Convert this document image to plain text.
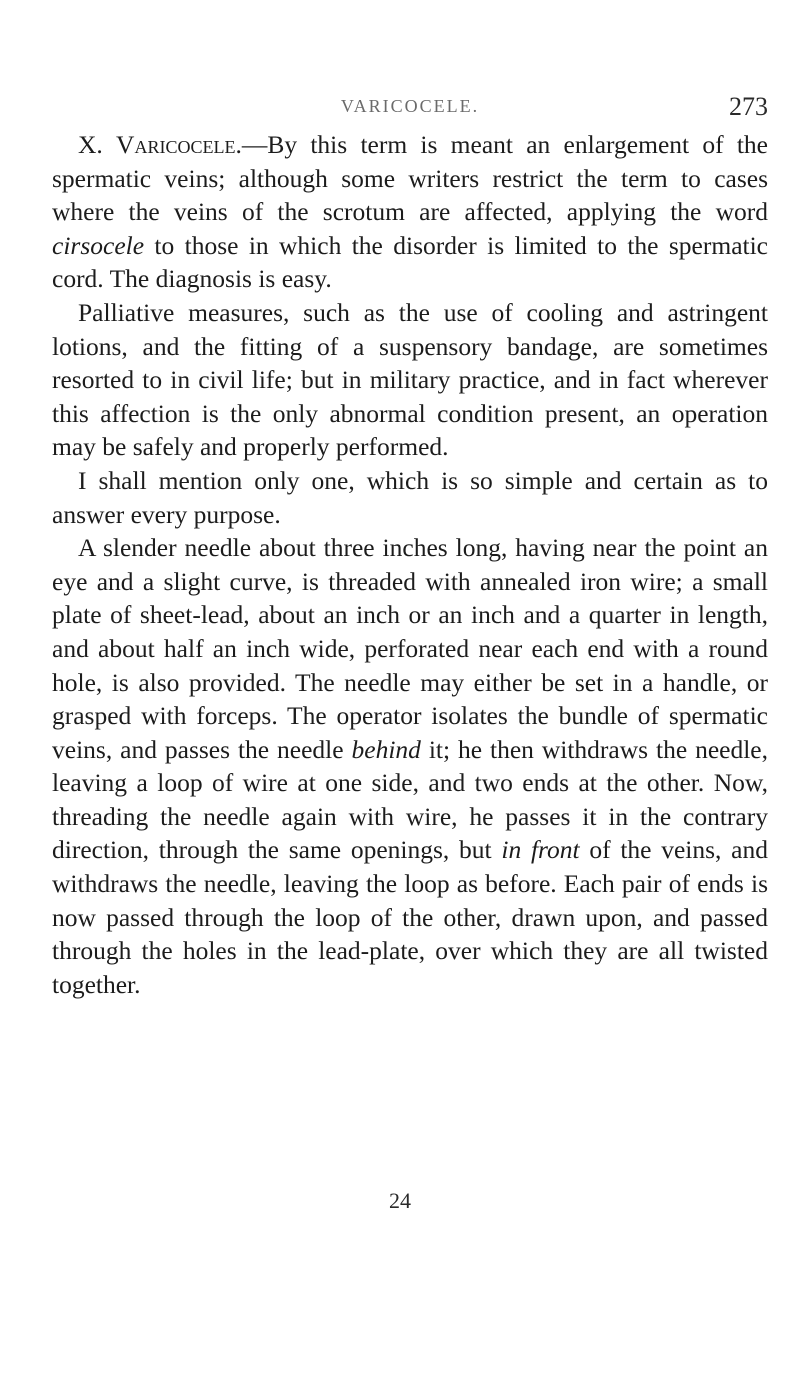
VARICOCELE.	273

X. Varicocele.—By this term is meant an enlargement of the spermatic veins; although some writers restrict the term to cases where the veins of the scrotum are affected, applying the word cirsocele to those in which the disorder is limited to the spermatic cord. The diagnosis is easy.

Palliative measures, such as the use of cooling and astringent lotions, and the fitting of a suspensory bandage, are sometimes resorted to in civil life; but in military practice, and in fact wherever this affection is the only abnormal condition present, an operation may be safely and properly performed.

I shall mention only one, which is so simple and certain as to answer every purpose.

A slender needle about three inches long, having near the point an eye and a slight curve, is threaded with annealed iron wire; a small plate of sheet-lead, about an inch or an inch and a quarter in length, and about half an inch wide, perforated near each end with a round hole, is also provided. The needle may either be set in a handle, or grasped with forceps. The operator isolates the bundle of spermatic veins, and passes the needle behind it; he then withdraws the needle, leaving a loop of wire at one side, and two ends at the other. Now, threading the needle again with wire, he passes it in the contrary direction, through the same openings, but in front of the veins, and withdraws the needle, leaving the loop as before. Each pair of ends is now passed through the loop of the other, drawn upon, and passed through the holes in the lead-plate, over which they are all twisted together.

24
